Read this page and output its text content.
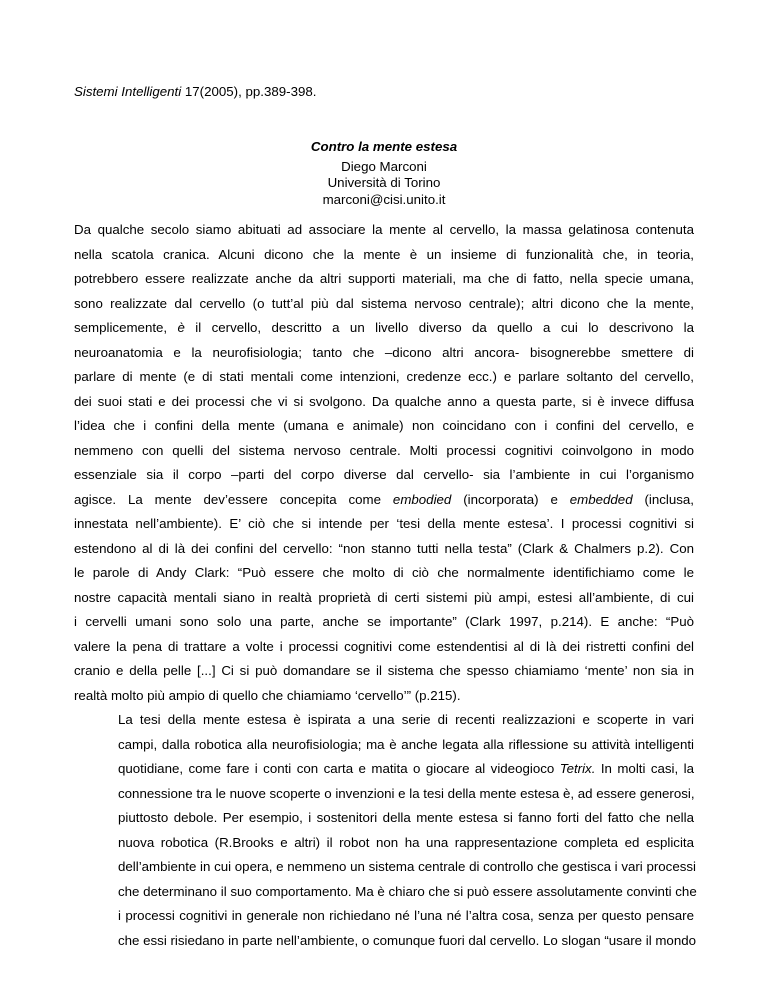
Sistemi Intelligenti 17(2005), pp.389-398.
Contro la mente estesa
Diego Marconi
Università di Torino
marconi@cisi.unito.it

Da qualche secolo siamo abituati ad associare la mente al cervello, la massa gelatinosa contenuta
nella scatola cranica. Alcuni dicono che la mente è un insieme di funzionalità che, in teoria,
potrebbero essere realizzate anche da altri supporti materiali, ma che di fatto, nella specie umana,
sono realizzate dal cervello (o tutt’al più dal sistema nervoso centrale); altri dicono che la mente,
semplicemente, è il cervello, descritto a un livello diverso da quello a cui lo descrivono la
neuroanatomia e la neurofisiologia; tanto che –dicono altri ancora- bisognerebbe smettere di
parlare di mente (e di stati mentali come intenzioni, credenze ecc.) e parlare soltanto del cervello,
dei suoi stati e dei processi che vi si svolgono. Da qualche anno a questa parte, si è invece diffusa
l’idea che i confini della mente (umana e animale) non coincidano con i confini del cervello, e
nemmeno con quelli del sistema nervoso centrale. Molti processi cognitivi coinvolgono in modo
essenziale sia il corpo –parti del corpo diverse dal cervello- sia l’ambiente in cui l’organismo
agisce. La mente dev’essere concepita come embodied (incorporata) e embedded (inclusa,
innestata nell’ambiente). E’ ciò che si intende per ‘tesi della mente estesa’. I processi cognitivi si
estendono al di là dei confini del cervello: “non stanno tutti nella testa” (Clark & Chalmers p.2). Con
le parole di Andy Clark: “Può essere che molto di ciò che normalmente identifichiamo come le
nostre capacità mentali siano in realtà proprietà di certi sistemi più ampi, estesi all’ambiente, di cui
i cervelli umani sono solo una parte, anche se importante” (Clark 1997, p.214). E anche: “Può
valere la pena di trattare a volte i processi cognitivi come estendentisi al di là dei ristretti confini del
cranio e della pelle [...] Ci si può domandare se il sistema che spesso chiamiamo ‘mente’ non sia in
realtà molto più ampio di quello che chiamiamo ‘cervello’” (p.215).

La tesi della mente estesa è ispirata a una serie di recenti realizzazioni e scoperte in vari
campi, dalla robotica alla neurofisiologia; ma è anche legata alla riflessione su attività intelligenti
quotidiane, come fare i conti con carta e matita o giocare al videogioco Tetrix. In molti casi, la
connessione tra le nuove scoperte o invenzioni e la tesi della mente estesa è, ad essere generosi,
piuttosto debole. Per esempio, i sostenitori della mente estesa si fanno forti del fatto che nella
nuova robotica (R.Brooks e altri) il robot non ha una rappresentazione completa ed esplicita
dell’ambiente in cui opera, e nemmeno un sistema centrale di controllo che gestisca i vari processi
che determinano il suo comportamento. Ma è chiaro che si può essere assolutamente convinti che
i processi cognitivi in generale non richiedano né l’una né l’altra cosa, senza per questo pensare
che essi risiedano in parte nell’ambiente, o comunque fuori dal cervello. Lo slogan “usare il mondo
